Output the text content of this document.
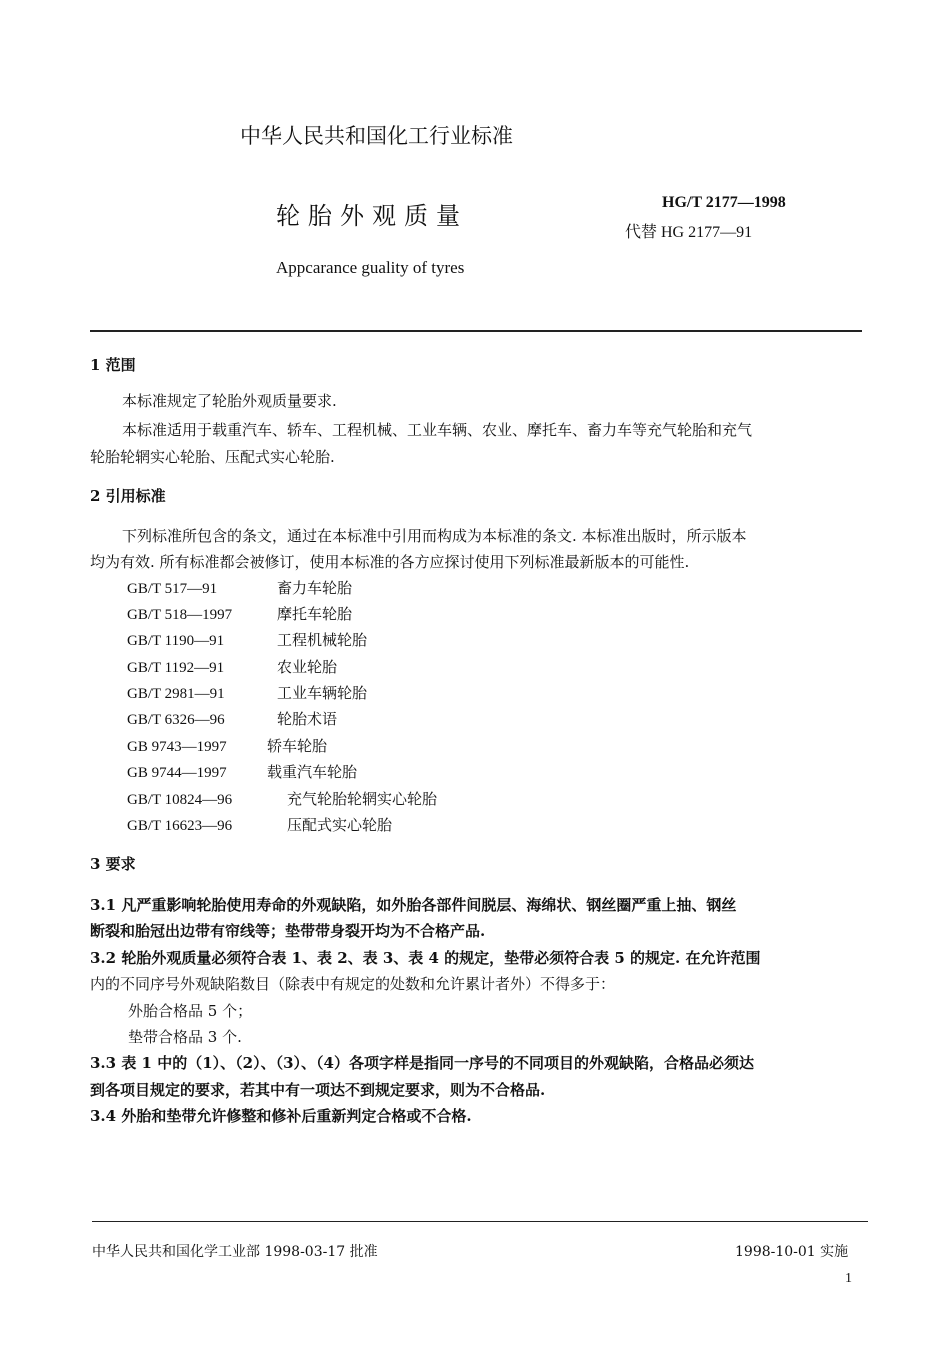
中华人民共和国化工行业标准
轮胎外观质量
Appcarance guality of tyres
HG/T 2177—1998
代替 HG 2177—91
1 范围
本标准规定了轮胎外观质量要求.
本标准适用于载重汽车、轿车、工程机械、工业车辆、农业、摩托车、畜力车等充气轮胎和充气
轮胎轮辋实心轮胎、压配式实心轮胎.
2 引用标准
下列标准所包含的条文，通过在本标准中引用而构成为本标准的条文. 本标准出版时，所示版本
均为有效. 所有标准都会被修订，使用本标准的各方应探讨使用下列标准最新版本的可能性.
GB/T 517—91	畜力车轮胎
GB/T 518—1997	摩托车轮胎
GB/T 1190—91	工程机械轮胎
GB/T 1192—91	农业轮胎
GB/T 2981—91	工业车辆轮胎
GB/T 6326—96	轮胎术语
GB 9743—1997	轿车轮胎
GB 9744—1997	载重汽车轮胎
GB/T 10824—96	充气轮胎轮辋实心轮胎
GB/T 16623—96	压配式实心轮胎
3 要求
3.1 凡严重影响轮胎使用寿命的外观缺陷，如外胎各部件间脱层、海绵状、钢丝圈严重上抽、钢丝
断裂和胎冠出边带有帘线等；垫带带身裂开均为不合格产品.
3.2 轮胎外观质量必须符合表 1、表 2、表 3、表 4 的规定，垫带必须符合表 5 的规定. 在允许范围
内的不同序号外观缺陷数目（除表中有规定的处数和允许累计者外）不得多于：
外胎合格品 5 个；
垫带合格品 3 个.
3.3 表 1 中的（1）、（2）、（3）、（4）各项字样是指同一序号的不同项目的外观缺陷，合格品必须达
到各项目规定的要求，若其中有一项达不到规定要求，则为不合格品.
3.4 外胎和垫带允许修整和修补后重新判定合格或不合格.
中华人民共和国化学工业部 1998-03-17 批准	1998-10-01 实施
1
